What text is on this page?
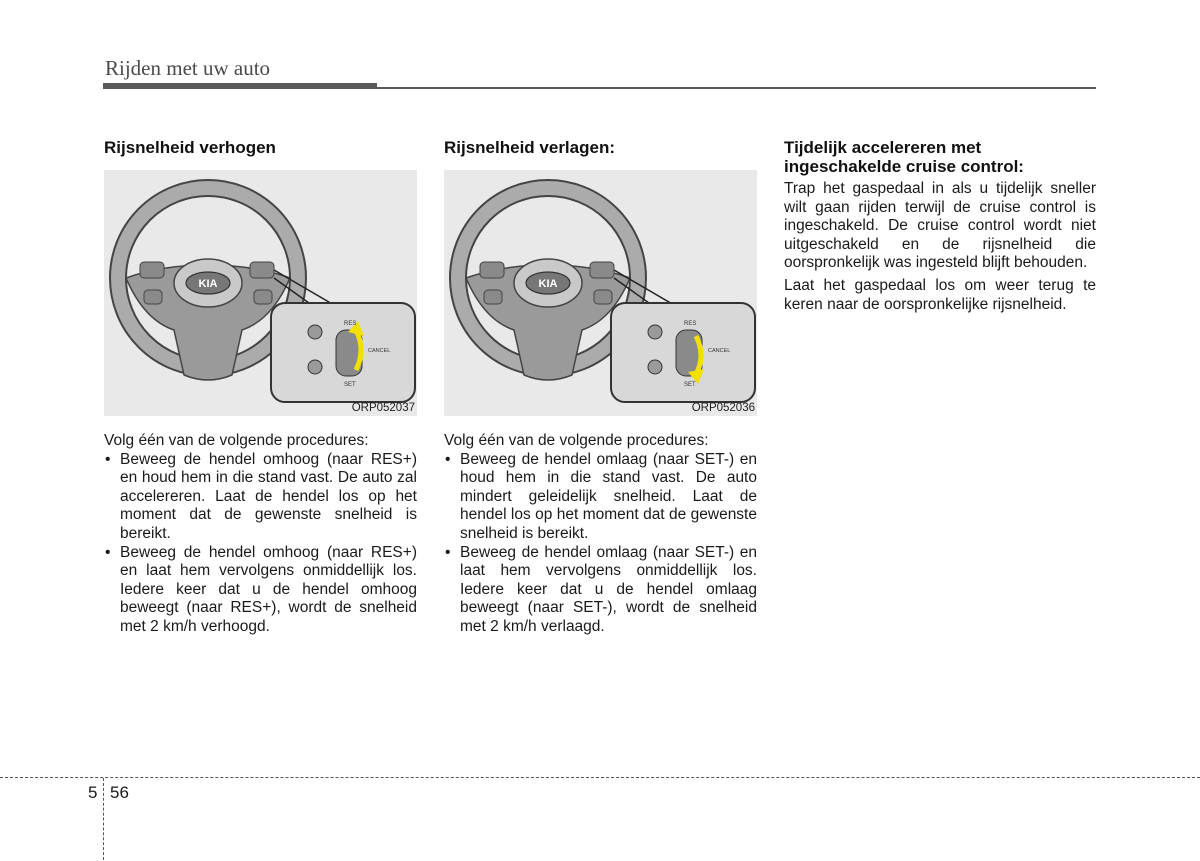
Rijden met uw auto
Rijsnelheid verhogen
KIA
RES
SET
CANCEL
ORP052037

Volg één van de volgende procedures:

• Beweeg de hendel omhoog (naar RES+) en houd hem in die stand vast. De auto zal accelereren. Laat de hendel los op het moment dat de gewenste snelheid is bereikt.
• Beweeg de hendel omhoog (naar RES+) en laat hem vervolgens onmiddellijk los. Iedere keer dat u de hendel omhoog beweegt (naar RES+), wordt de snelheid met 2 km/h verhoogd.
Rijsnelheid verlagen:
KIA
RES
SET
CANCEL
ORP052036

Volg één van de volgende procedures:

• Beweeg de hendel omlaag (naar SET-) en houd hem in die stand vast. De auto mindert geleidelijk snelheid. Laat de hendel los op het moment dat de gewenste snelheid is bereikt.
• Beweeg de hendel omlaag (naar SET-) en laat hem vervolgens onmiddellijk los. Iedere keer dat u de hendel omlaag beweegt (naar SET-), wordt de snelheid met 2 km/h verlaagd.
Tijdelijk accelereren met
ingeschakelde cruise control:

Trap het gaspedaal in als u tijdelijk sneller wilt gaan rijden terwijl de cruise control is ingeschakeld. De cruise control wordt niet uitgeschakeld en de rijsnelheid die oorspronkelijk was ingesteld blijft behouden.

Laat het gaspedaal los om weer terug te keren naar de oorspronkelijke rijsnelheid.

5 56
